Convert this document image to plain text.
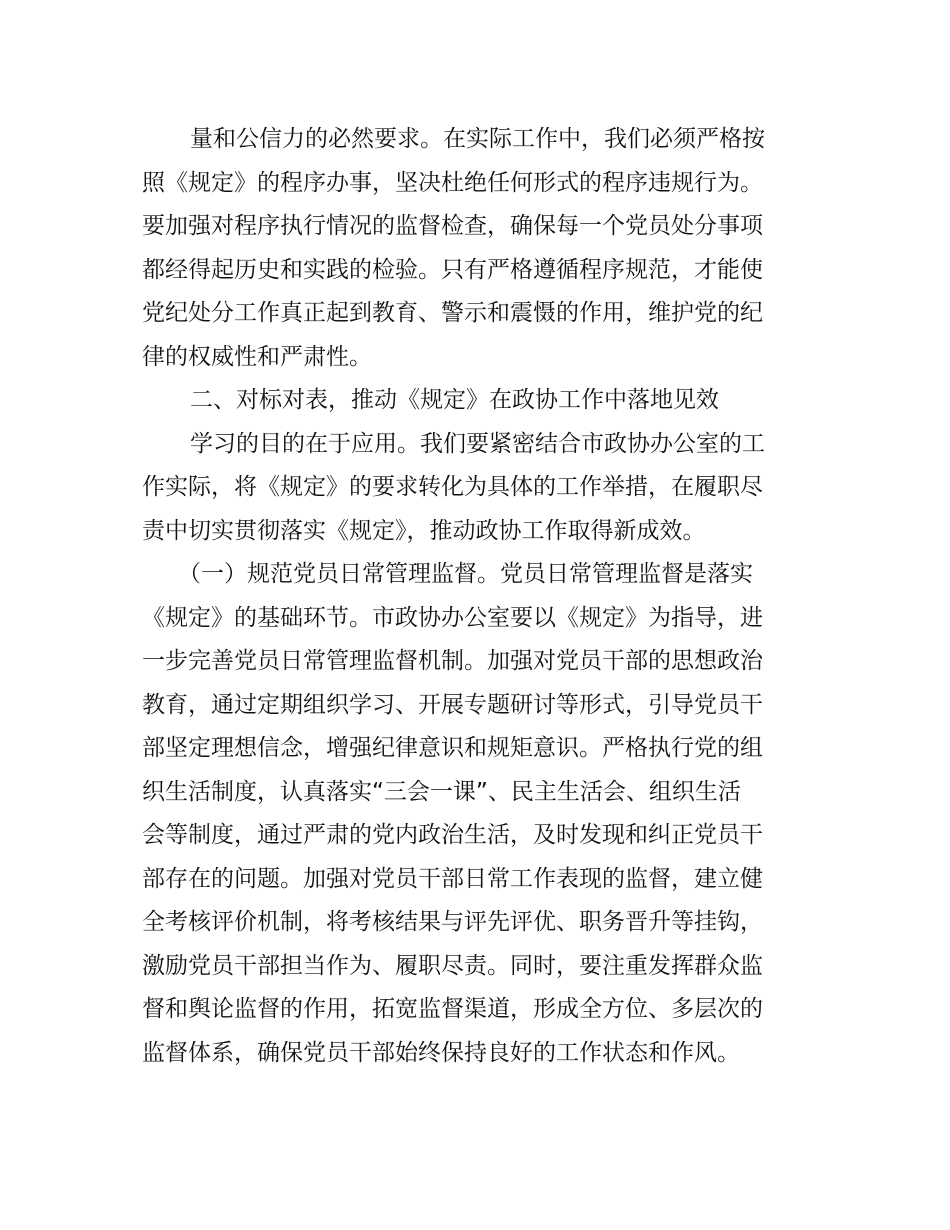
量和公信力的必然要求。在实际工作中，我们必须严格按
照《规定》的程序办事，坚决杜绝任何形式的程序违规行为。
要加强对程序执行情况的监督检查，确保每一个党员处分事项
都经得起历史和实践的检验。只有严格遵循程序规范，才能使
党纪处分工作真正起到教育、警示和震慑的作用，维护党的纪
律的权威性和严肃性。
二、对标对表，推动《规定》在政协工作中落地见效
学习的目的在于应用。我们要紧密结合市政协办公室的工
作实际，将《规定》的要求转化为具体的工作举措，在履职尽
责中切实贯彻落实《规定》，推动政协工作取得新成效。
（一）规范党员日常管理监督。党员日常管理监督是落实
《规定》的基础环节。市政协办公室要以《规定》为指导，进
一步完善党员日常管理监督机制。加强对党员干部的思想政治
教育，通过定期组织学习、开展专题研讨等形式，引导党员干
部坚定理想信念，增强纪律意识和规矩意识。严格执行党的组
织生活制度，认真落实“三会一课”、民主生活会、组织生活
会等制度，通过严肃的党内政治生活，及时发现和纠正党员干
部存在的问题。加强对党员干部日常工作表现的监督，建立健
全考核评价机制，将考核结果与评先评优、职务晋升等挂钩，
激励党员干部担当作为、履职尽责。同时，要注重发挥群众监
督和舆论监督的作用，拓宽监督渠道，形成全方位、多层次的
监督体系，确保党员干部始终保持良好的工作状态和作风。
